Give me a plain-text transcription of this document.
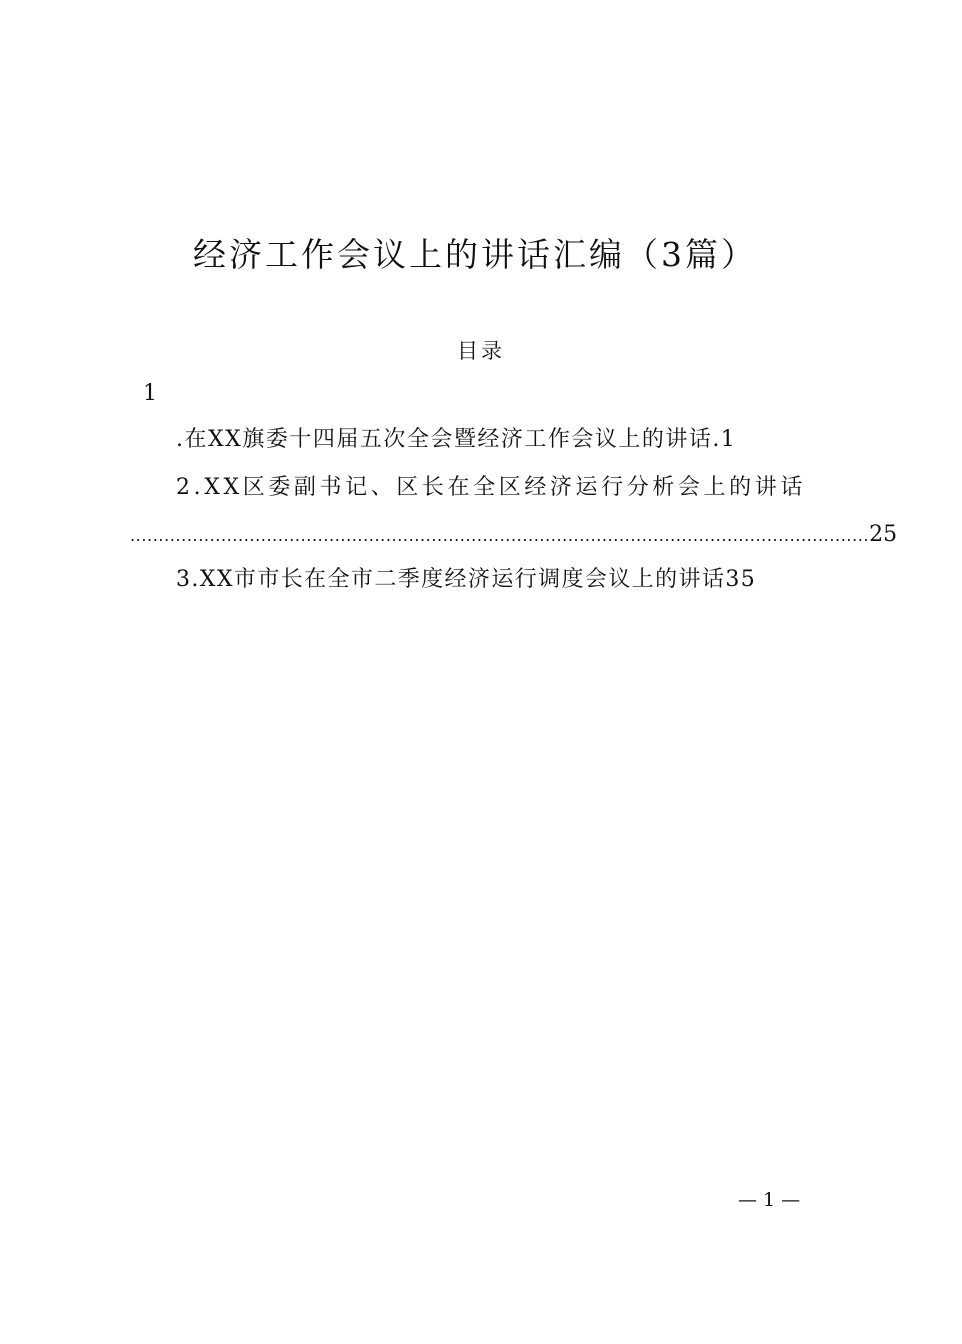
经济工作会议上的讲话汇编（3篇）
目录
1
.在XX旗委十四届五次全会暨经济工作会议上的讲话.1
2.XX区委副书记、区长在全区经济运行分析会上的讲话
.................................................................................................................................. 25
3.XX市市长在全市二季度经济运行调度会议上的讲话35
— 1 —
